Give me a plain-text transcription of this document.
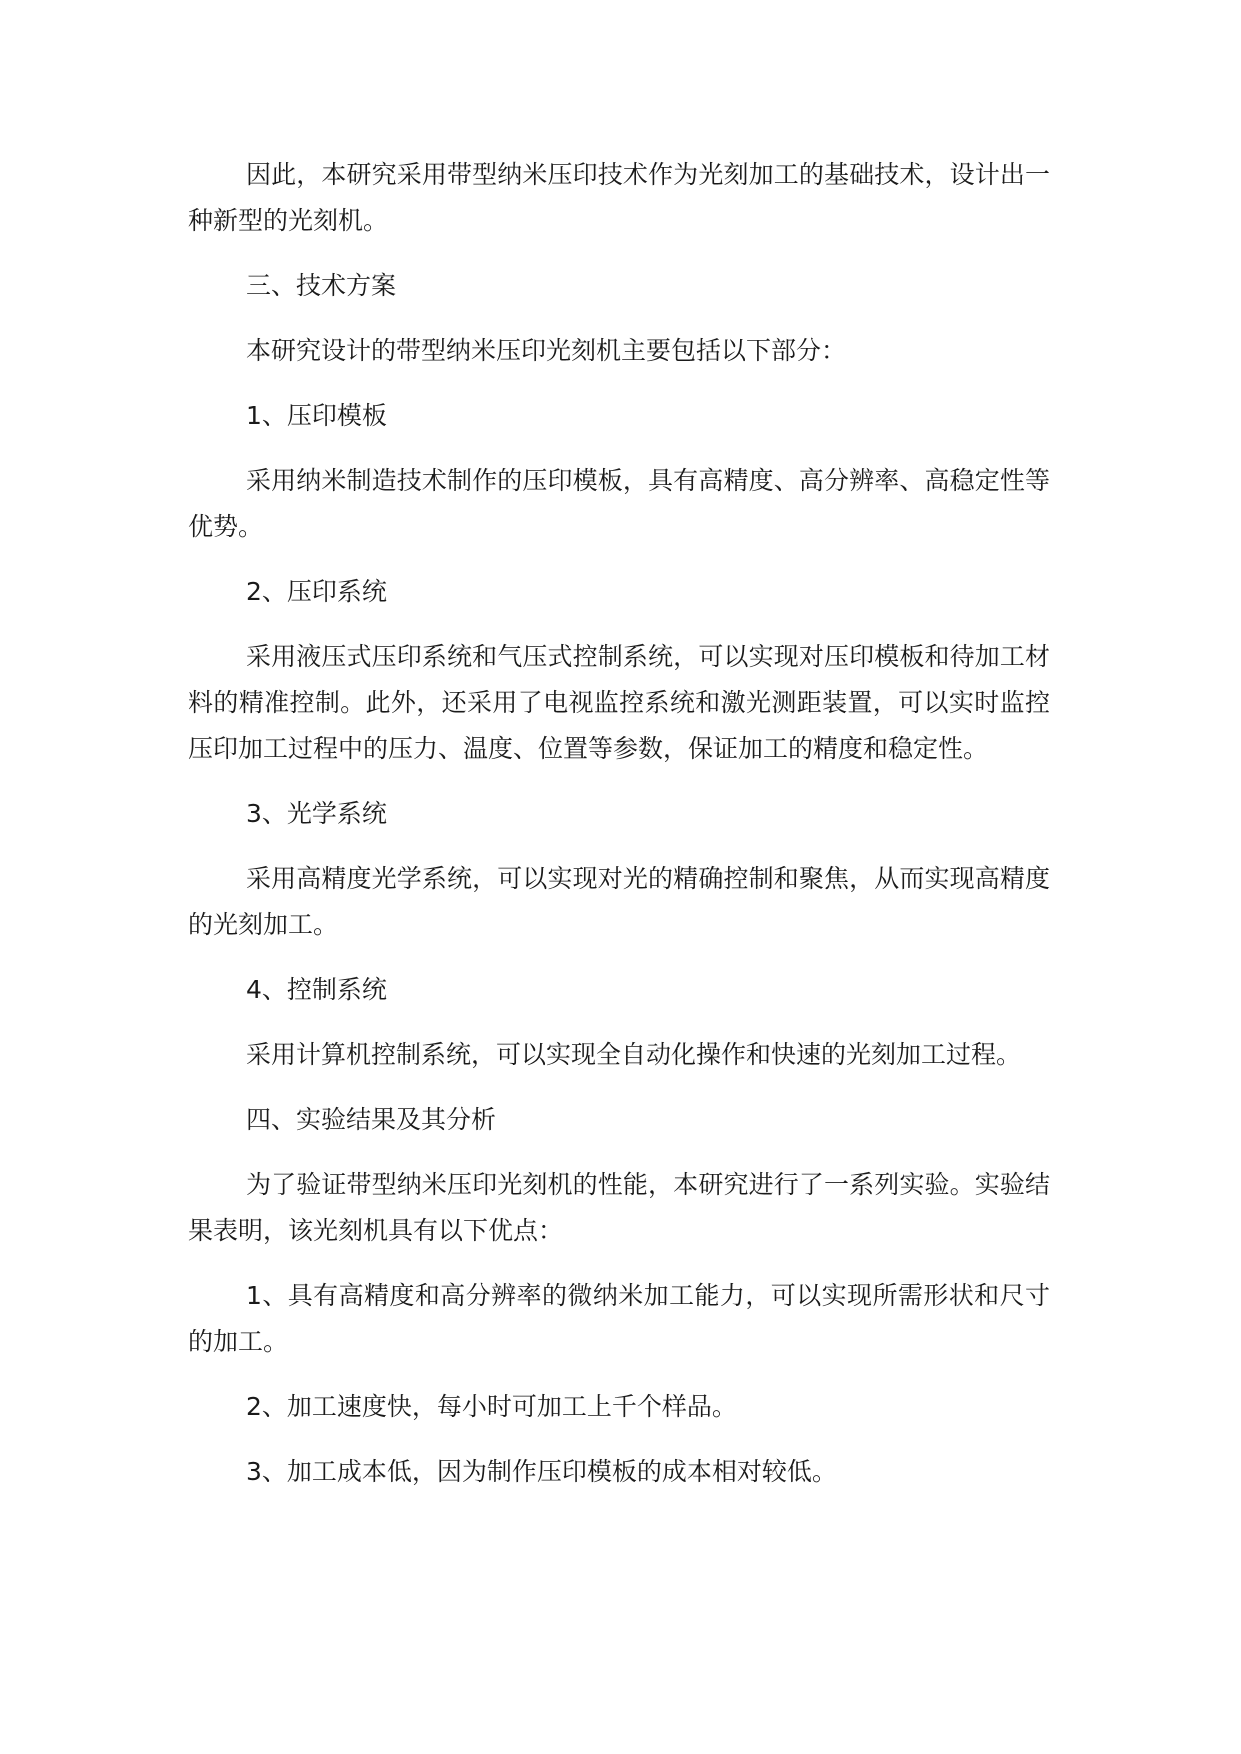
因此，本研究采用带型纳米压印技术作为光刻加工的基础技术，设计出一种新型的光刻机。

三、技术方案

本研究设计的带型纳米压印光刻机主要包括以下部分：

1、压印模板

采用纳米制造技术制作的压印模板，具有高精度、高分辨率、高稳定性等优势。

2、压印系统

采用液压式压印系统和气压式控制系统，可以实现对压印模板和待加工材料的精准控制。此外，还采用了电视监控系统和激光测距装置，可以实时监控压印加工过程中的压力、温度、位置等参数，保证加工的精度和稳定性。

3、光学系统

采用高精度光学系统，可以实现对光的精确控制和聚焦，从而实现高精度的光刻加工。

4、控制系统

采用计算机控制系统，可以实现全自动化操作和快速的光刻加工过程。

四、实验结果及其分析

为了验证带型纳米压印光刻机的性能，本研究进行了一系列实验。实验结果表明，该光刻机具有以下优点：

1、具有高精度和高分辨率的微纳米加工能力，可以实现所需形状和尺寸的加工。

2、加工速度快，每小时可加工上千个样品。

3、加工成本低，因为制作压印模板的成本相对较低。
